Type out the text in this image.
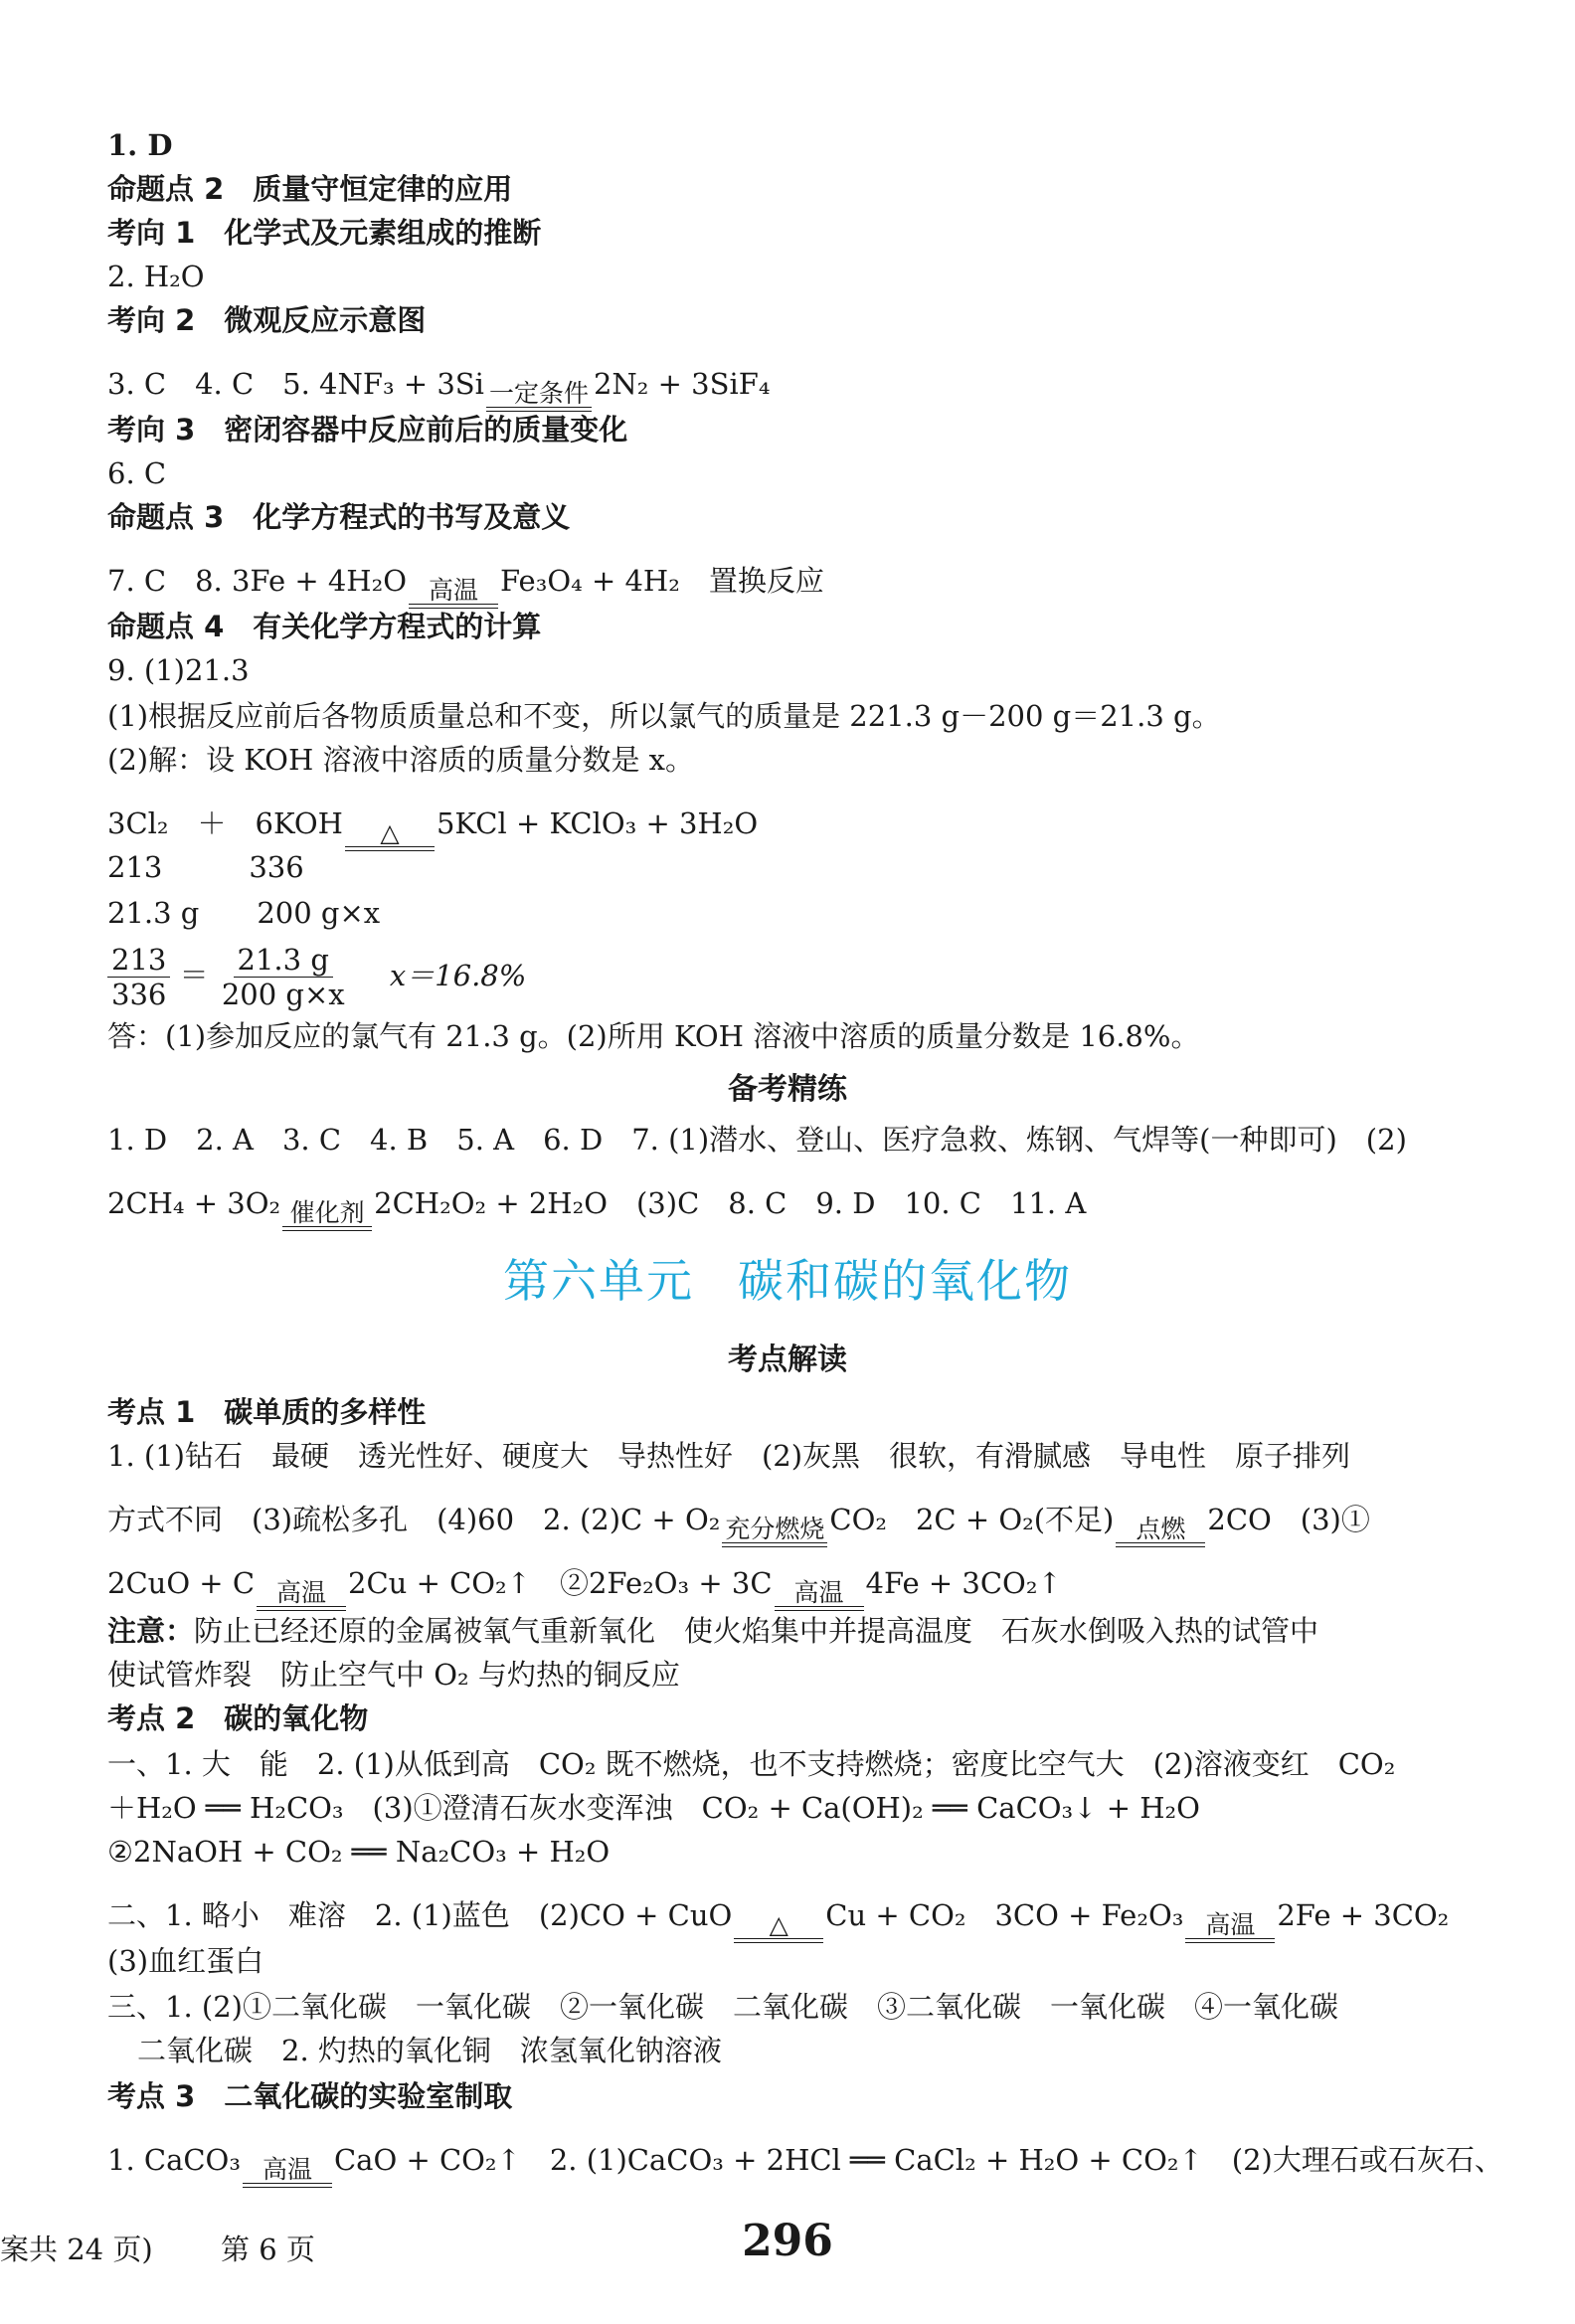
1. D
命题点 2　质量守恒定律的应用
考向 1　化学式及元素组成的推断
2. H₂O
考向 2　微观反应示意图
3. C　4. C　5. 4NF₃ + 3Si 一定条件 2N₂ + 3SiF₄
考向 3　密闭容器中反应前后的质量变化
6. C
命题点 3　化学方程式的书写及意义
7. C　8. 3Fe + 4H₂O 高温 Fe₃O₄ + 4H₂　置换反应
命题点 4　有关化学方程式的计算
9. (1)21.3
(1)根据反应前后各物质质量总和不变，所以氯气的质量是 221.3 g－200 g＝21.3 g。
(2)解：设 KOH 溶液中溶质的质量分数是 x。
3Cl₂　＋　6KOH △ 5KCl + KClO₃ + 3H₂O
213　　　336
21.3 g　　200 g×x
$\frac{213}{336} = \frac{21.3 g}{200 g\times x} x=16.8\%$
答：(1)参加反应的氯气有 21.3 g。(2)所用 KOH 溶液中溶质的质量分数是 16.8%。
备考精练
1. D　2. A　3. C　4. B　5. A　6. D　7. (1)潜水、登山、医疗急救、炼钢、气焊等(一种即可)　(2)
2CH₄ + 3O₂ 催化剂 2CH₂O₂ + 2H₂O　(3)C　8. C　9. D　10. C　11. A
第六单元 碳和碳的氧化物
考点解读
考点 1　碳单质的多样性
1. (1)钻石　最硬　透光性好、硬度大　导热性好　(2)灰黑　很软，有滑腻感　导电性　原子排列
方式不同　(3)疏松多孔　(4)60　2. (2)C + O₂ 充分燃烧 CO₂　2C + O₂(不足) 点燃 2CO　(3)①
2CuO + C 高温 2Cu + CO₂↑　②2Fe₂O₃ + 3C 高温 4Fe + 3CO₂↑
注意：防止已经还原的金属被氧气重新氧化　使火焰集中并提高温度　石灰水倒吸入热的试管中
使试管炸裂　防止空气中 O₂ 与灼热的铜反应
考点 2　碳的氧化物
一、1. 大　能　2. (1)从低到高　CO₂ 既不燃烧，也不支持燃烧；密度比空气大　(2)溶液变红　CO₂
＋H₂O ══ H₂CO₃　(3)①澄清石灰水变浑浊　CO₂ + Ca(OH)₂ ══ CaCO₃↓ + H₂O
②2NaOH + CO₂ ══ Na₂CO₃ + H₂O
二、1. 略小　难溶　2. (1)蓝色　(2)CO + CuO △ Cu + CO₂　3CO + Fe₂O₃ 高温 2Fe + 3CO₂
(3)血红蛋白
三、1. (2)①二氧化碳　一氧化碳　②一氧化碳　二氧化碳　③二氧化碳　一氧化碳　④一氧化碳
二氧化碳　2. 灼热的氧化铜　浓氢氧化钠溶液
考点 3　二氧化碳的实验室制取
1. CaCO₃ 高温 CaO + CO₂↑　2. (1)CaCO₃ + 2HCl ══ CaCl₂ + H₂O + CO₂↑　(2)大理石或石灰石、
案共 24 页) 第 6 页	296
